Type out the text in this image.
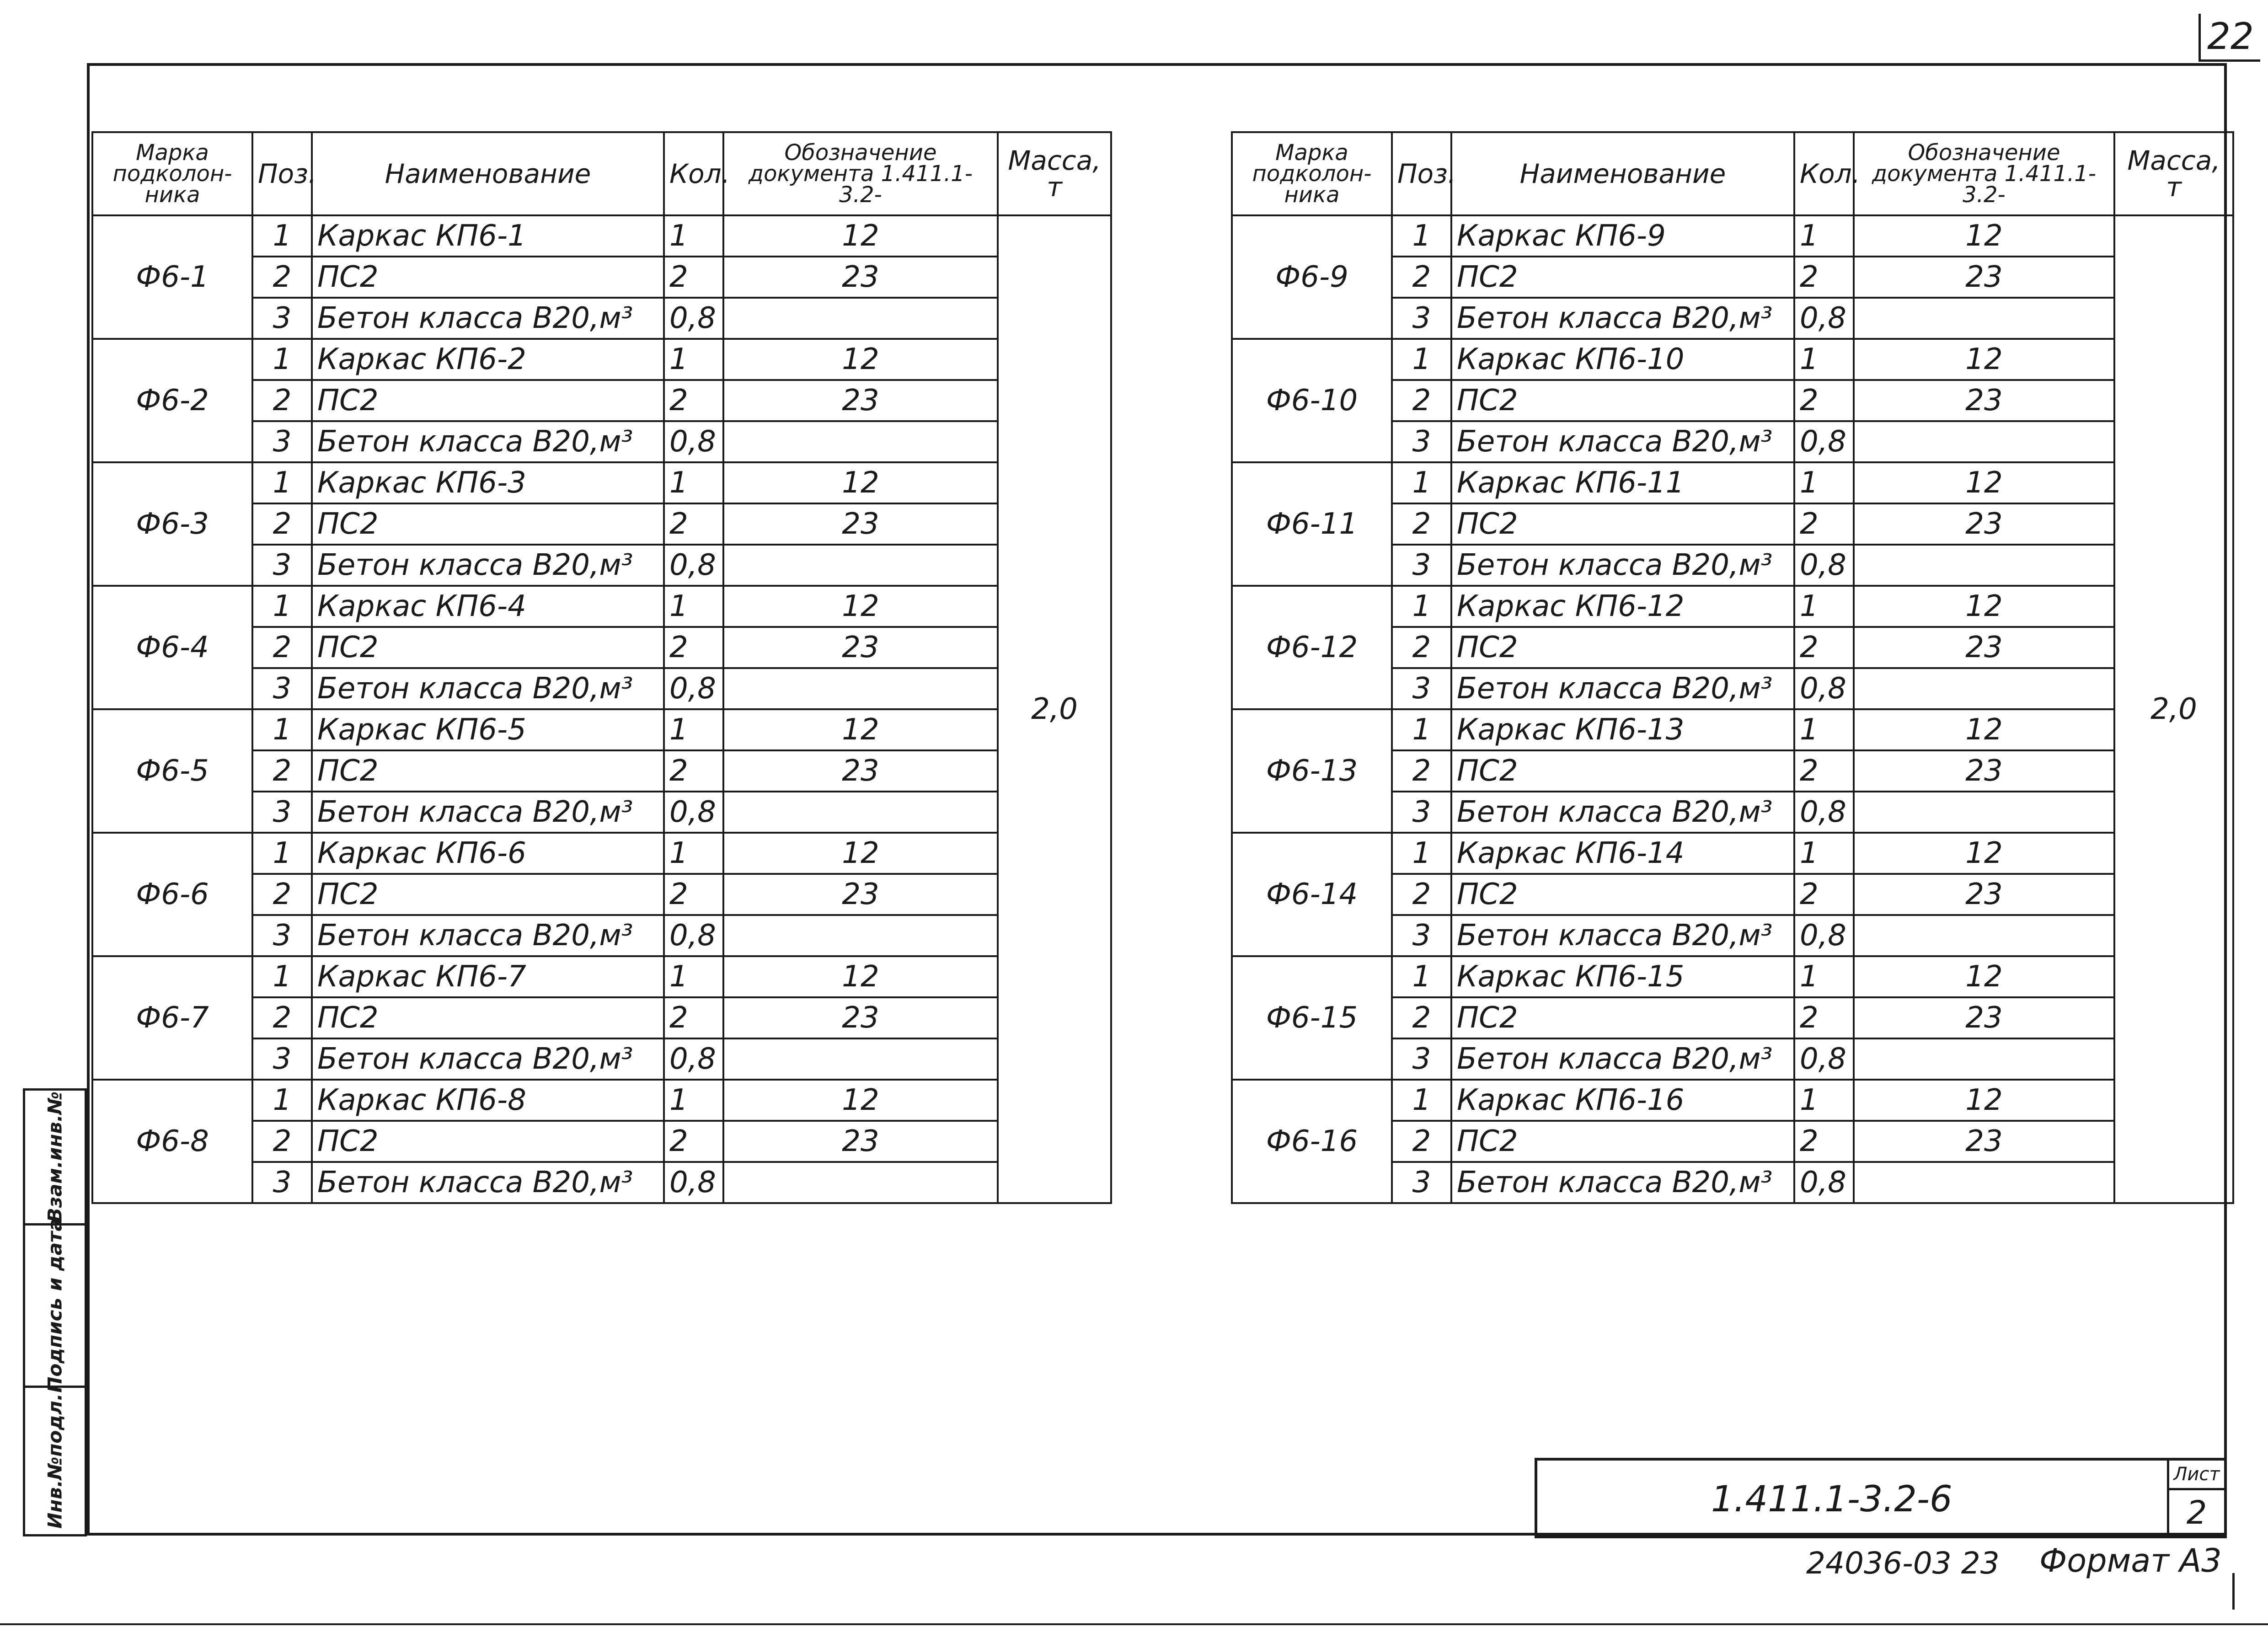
22
Марка подколон- ника	Поз.	Наименование	Кол.	Обозначение документа 1.411.1-3.2-	Масса, т
Ф6-1	1	Каркас КП6-1	1	12	2,0
	2	ПС2	2	23	
	3	Бетон класса В20,м³	0,8		
Ф6-2	1	Каркас КП6-2	1	12	
	2	ПС2	2	23	
	3	Бетон класса В20,м³	0,8		
Ф6-3	1	Каркас КП6-3	1	12	
	2	ПС2	2	23	
	3	Бетон класса В20,м³	0,8		
Ф6-4	1	Каркас КП6-4	1	12	
	2	ПС2	2	23	
	3	Бетон класса В20,м³	0,8		
Ф6-5	1	Каркас КП6-5	1	12	
	2	ПС2	2	23	
	3	Бетон класса В20,м³	0,8		
Ф6-6	1	Каркас КП6-6	1	12	
	2	ПС2	2	23	
	3	Бетон класса В20,м³	0,8		
Ф6-7	1	Каркас КП6-7	1	12	
	2	ПС2	2	23	
	3	Бетон класса В20,м³	0,8		
Ф6-8	1	Каркас КП6-8	1	12	
	2	ПС2	2	23	
	3	Бетон класса В20,м³	0,8		
Марка подколон- ника	Поз.	Наименование	Кол.	Обозначение документа 1.411.1-3.2-	Масса, т
Ф6-9	1	Каркас КП6-9	1	12	2,0
	2	ПС2	2	23	
	3	Бетон класса В20,м³	0,8		
Ф6-10	1	Каркас КП6-10	1	12	
	2	ПС2	2	23	
	3	Бетон класса В20,м³	0,8		
Ф6-11	1	Каркас КП6-11	1	12	
	2	ПС2	2	23	
	3	Бетон класса В20,м³	0,8		
Ф6-12	1	Каркас КП6-12	1	12	
	2	ПС2	2	23	
	3	Бетон класса В20,м³	0,8		
Ф6-13	1	Каркас КП6-13	1	12	
	2	ПС2	2	23	
	3	Бетон класса В20,м³	0,8		
Ф6-14	1	Каркас КП6-14	1	12	
	2	ПС2	2	23	
	3	Бетон класса В20,м³	0,8		
Ф6-15	1	Каркас КП6-15	1	12	
	2	ПС2	2	23	
	3	Бетон класса В20,м³	0,8		
Ф6-16	1	Каркас КП6-16	1	12	
	2	ПС2	2	23	
	3	Бетон класса В20,м³	0,8		
1.411.1-3.2-6
Лист
2
24036-03 23 Формат А3
Взам.инв.№
Подпись и дата
Инв.№подл.
